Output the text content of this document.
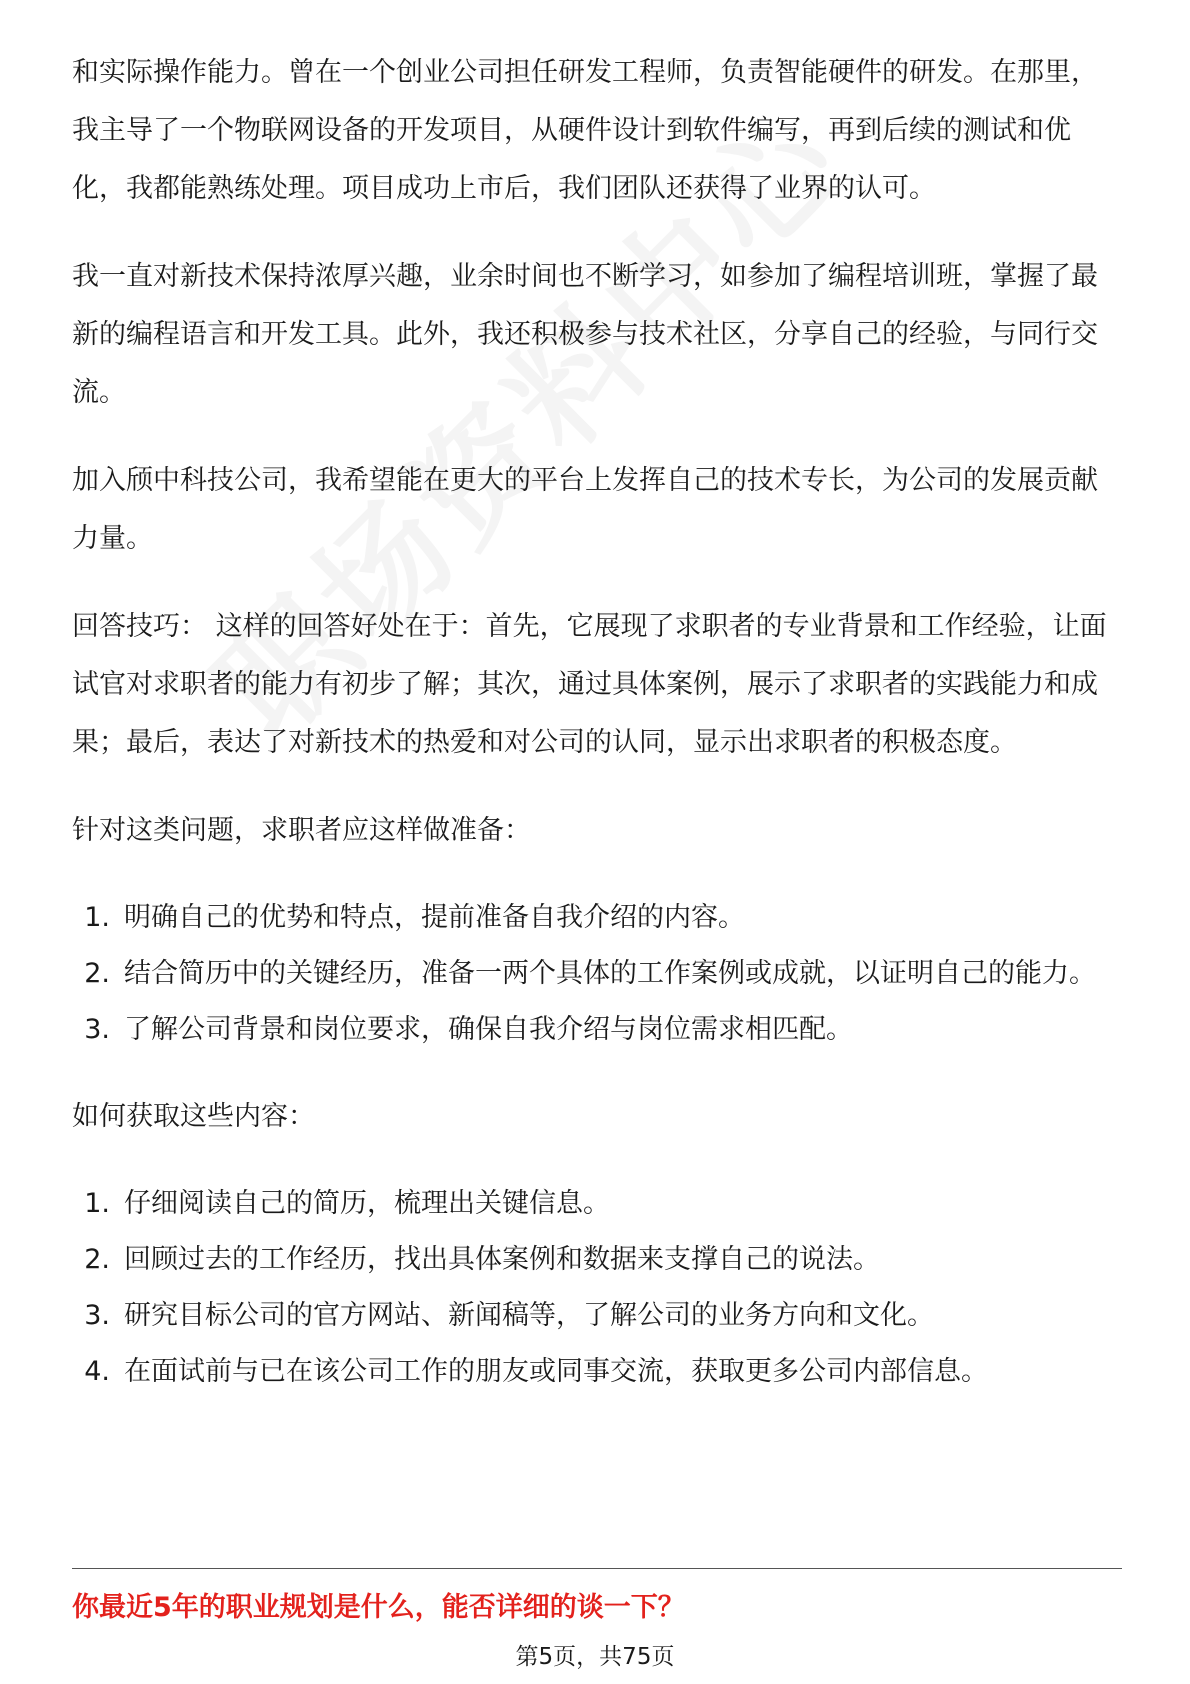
和实际操作能力。曾在一个创业公司担任研发工程师，负责智能硬件的研发。在那里，我主导了一个物联网设备的开发项目，从硬件设计到软件编写，再到后续的测试和优化，我都能熟练处理。项目成功上市后，我们团队还获得了业界的认可。

我一直对新技术保持浓厚兴趣，业余时间也不断学习，如参加了编程培训班，掌握了最新的编程语言和开发工具。此外，我还积极参与技术社区，分享自己的经验，与同行交流。

加入颀中科技公司，我希望能在更大的平台上发挥自己的技术专长，为公司的发展贡献力量。

回答技巧： 这样的回答好处在于：首先，它展现了求职者的专业背景和工作经验，让面试官对求职者的能力有初步了解；其次，通过具体案例，展示了求职者的实践能力和成果；最后，表达了对新技术的热爱和对公司的认同，显示出求职者的积极态度。

针对这类问题，求职者应这样做准备：

1. 明确自己的优势和特点，提前准备自我介绍的内容。
2. 结合简历中的关键经历，准备一两个具体的工作案例或成就，以证明自己的能力。
3. 了解公司背景和岗位要求，确保自我介绍与岗位需求相匹配。

如何获取这些内容：

1. 仔细阅读自己的简历，梳理出关键信息。
2. 回顾过去的工作经历，找出具体案例和数据来支撑自己的说法。
3. 研究目标公司的官方网站、新闻稿等，了解公司的业务方向和文化。
4. 在面试前与已在该公司工作的朋友或同事交流，获取更多公司内部信息。
你最近5年的职业规划是什么，能否详细的谈一下？
第5页，共75页
